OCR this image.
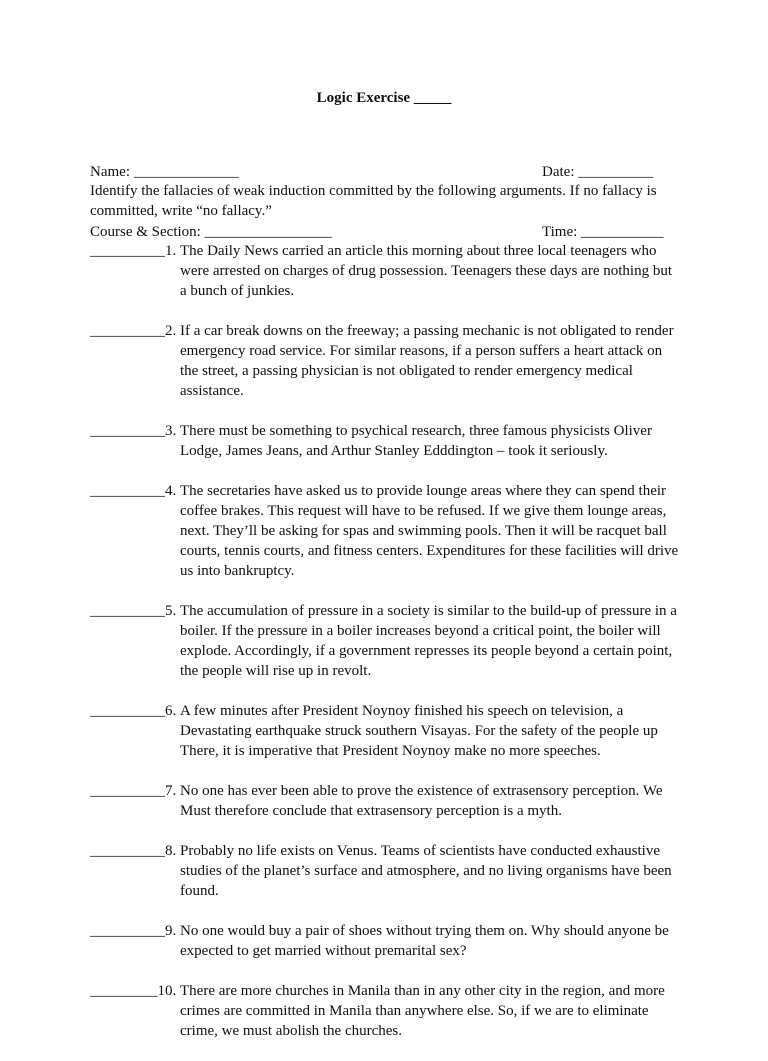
Logic Exercise _____

Name: ______________

Course & Section: _________________

Date: __________

Time: ___________

Identify the fallacies of weak induction committed by the following arguments. If no fallacy is committed, write “no fallacy.”
__________1. The Daily News carried an article this morning about three local teenagers who were arrested on charges of drug possession. Teenagers these days are nothing but a bunch of junkies.
__________2. If a car break downs on the freeway; a passing mechanic is not obligated to render emergency road service. For similar reasons, if a person suffers a heart attack on the street, a passing physician is not obligated to render emergency medical assistance.
__________3. There must be something to psychical research, three famous physicists Oliver Lodge, James Jeans, and Arthur Stanley Edddington – took it seriously.
__________4. The secretaries have asked us to provide lounge areas where they can spend their coffee brakes. This request will have to be refused. If we give them lounge areas, next. They’ll be asking for spas and swimming pools. Then it will be racquet ball courts, tennis courts, and fitness centers. Expenditures for these facilities will drive us into bankruptcy.
__________5. The accumulation of pressure in a society is similar to the build-up of pressure in a boiler. If the pressure in a boiler increases beyond a critical point, the boiler will explode. Accordingly, if a government represses its people beyond a certain point, the people will rise up in revolt.
__________6. A few minutes after President Noynoy finished his speech on television, a Devastating earthquake struck southern Visayas. For the safety of the people up There, it is imperative that President Noynoy make no more speeches.
__________7. No one has ever been able to prove the existence of extrasensory perception. We Must therefore conclude that extrasensory perception is a myth.
__________8. Probably no life exists on Venus. Teams of scientists have conducted exhaustive studies of the planet’s surface and atmosphere, and no living organisms have been found.
__________9. No one would buy a pair of shoes without trying them on. Why should anyone be expected to get married without premarital sex?
_________10. There are more churches in Manila than in any other city in the region, and more crimes are committed in Manila than anywhere else. So, if we are to eliminate crime, we must abolish the churches.
